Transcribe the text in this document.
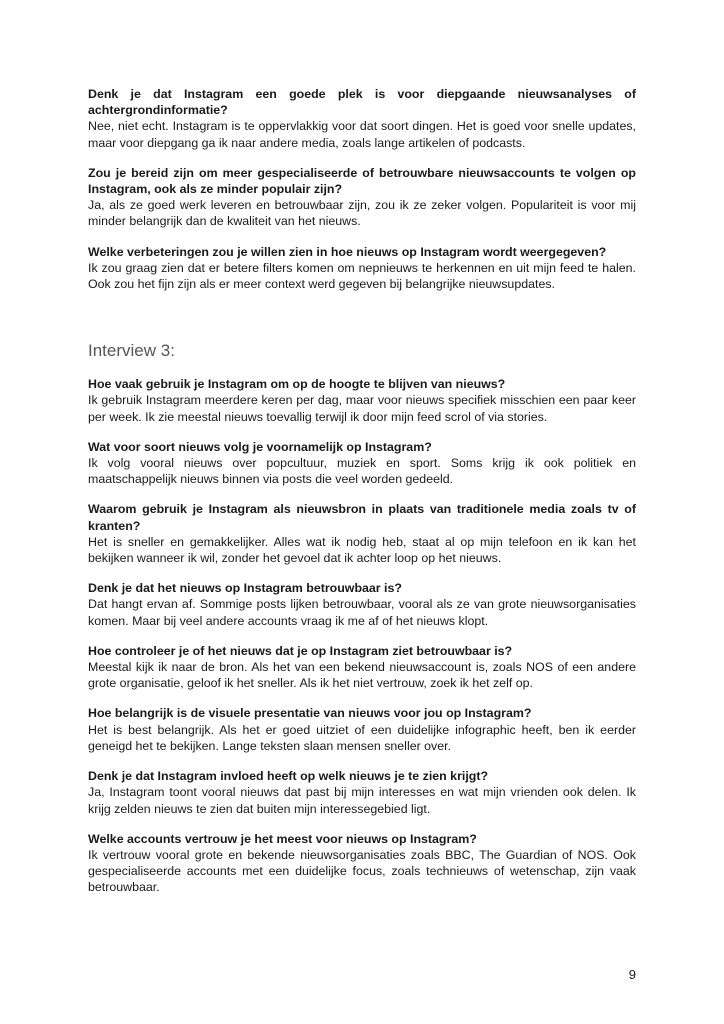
Denk je dat Instagram een goede plek is voor diepgaande nieuwsanalyses of achtergrondinformatie?

Nee, niet echt. Instagram is te oppervlakkig voor dat soort dingen. Het is goed voor snelle updates, maar voor diepgang ga ik naar andere media, zoals lange artikelen of podcasts.

Zou je bereid zijn om meer gespecialiseerde of betrouwbare nieuwsaccounts te volgen op Instagram, ook als ze minder populair zijn?

Ja, als ze goed werk leveren en betrouwbaar zijn, zou ik ze zeker volgen. Populariteit is voor mij minder belangrijk dan de kwaliteit van het nieuws.

Welke verbeteringen zou je willen zien in hoe nieuws op Instagram wordt weergegeven?

Ik zou graag zien dat er betere filters komen om nepnieuws te herkennen en uit mijn feed te halen. Ook zou het fijn zijn als er meer context werd gegeven bij belangrijke nieuwsupdates.

Interview 3:

Hoe vaak gebruik je Instagram om op de hoogte te blijven van nieuws?

Ik gebruik Instagram meerdere keren per dag, maar voor nieuws specifiek misschien een paar keer per week. Ik zie meestal nieuws toevallig terwijl ik door mijn feed scrol of via stories.

Wat voor soort nieuws volg je voornamelijk op Instagram?

Ik volg vooral nieuws over popcultuur, muziek en sport. Soms krijg ik ook politiek en maatschappelijk nieuws binnen via posts die veel worden gedeeld.

Waarom gebruik je Instagram als nieuwsbron in plaats van traditionele media zoals tv of kranten?

Het is sneller en gemakkelijker. Alles wat ik nodig heb, staat al op mijn telefoon en ik kan het bekijken wanneer ik wil, zonder het gevoel dat ik achter loop op het nieuws.

Denk je dat het nieuws op Instagram betrouwbaar is?

Dat hangt ervan af. Sommige posts lijken betrouwbaar, vooral als ze van grote nieuwsorganisaties komen. Maar bij veel andere accounts vraag ik me af of het nieuws klopt.

Hoe controleer je of het nieuws dat je op Instagram ziet betrouwbaar is?

Meestal kijk ik naar de bron. Als het van een bekend nieuwsaccount is, zoals NOS of een andere grote organisatie, geloof ik het sneller. Als ik het niet vertrouw, zoek ik het zelf op.

Hoe belangrijk is de visuele presentatie van nieuws voor jou op Instagram?

Het is best belangrijk. Als het er goed uitziet of een duidelijke infographic heeft, ben ik eerder geneigd het te bekijken. Lange teksten slaan mensen sneller over.

Denk je dat Instagram invloed heeft op welk nieuws je te zien krijgt?

Ja, Instagram toont vooral nieuws dat past bij mijn interesses en wat mijn vrienden ook delen. Ik krijg zelden nieuws te zien dat buiten mijn interessegebied ligt.

Welke accounts vertrouw je het meest voor nieuws op Instagram?

Ik vertrouw vooral grote en bekende nieuwsorganisaties zoals BBC, The Guardian of NOS. Ook gespecialiseerde accounts met een duidelijke focus, zoals technieuws of wetenschap, zijn vaak betrouwbaar.

9
